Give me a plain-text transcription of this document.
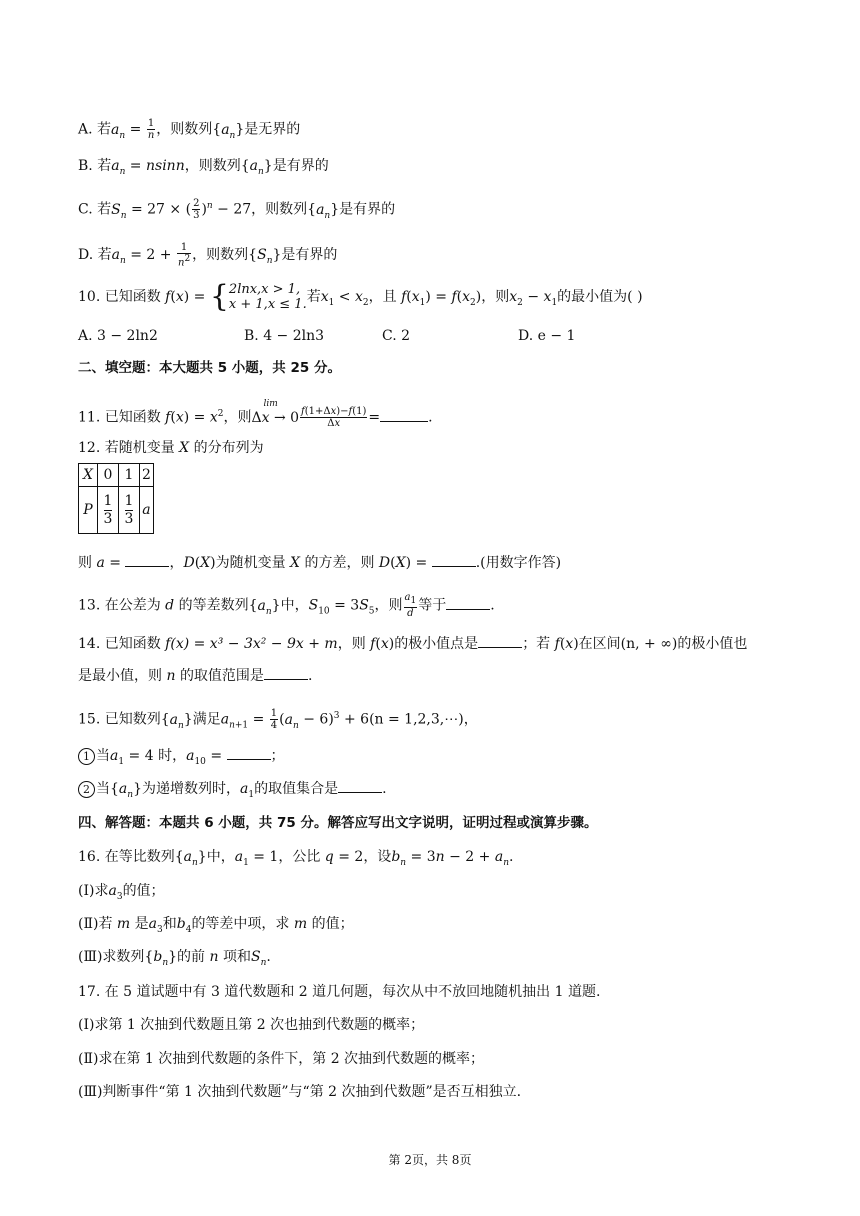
A. 若$a_n = \frac{1}{n}$ ，则数列$\{a_n\}$是无界的
B. 若$a_n = nsinn$，则数列$\{a_n\}$是有界的
C. 若$S_n = 27$ × ( $\frac{2}{3} )^n - 27$，则数列$\{a_n\}$是有界的
D. 若$a_n = 2 + \frac{1}{n^2}$ ，则数列$\{S_n\}$是有界的
10. 已知函数 f(x) = { 2lnx,x > 1,
x + 1,x ≤ 1. 若$x_1 < x_2$，且 $f(x_1) = f(x_2)$，则$x_2 - x_1$的最小值为( )
A. 3 − 2ln2	B. 4 − 2ln3	C. 2	D. e − 1
二、填空题：本大题共 5 小题，共 25 分。
11. 已知函数 $f(x) = x^2$，则
lim
$\Delta x \to 0 \frac{f(1+\Delta x)-f(1)}{\Delta x}$ =	.
12. 若随机变量 X 的分布列为
X	0	1	2
P	$\frac{1}{3}$	$\frac{1}{3}$	a
则 a =	，D(X)为随机变量 X 的方差，则 D(X) =	.(用数字作答)
13. 在公差为 d 的等差数列$\{a_n\}$中，$S_{10} = 3S_5$，则 $\frac{a_1}{d}$ 等于	.
14. 已知函数 f(x) = x³ − 3x² − 9x + m，则 f(x)的极小值点是	；若 f(x)在区间(n, + ∞)的极小值也
是最小值，则 n 的取值范围是	.
15. 已知数列$\{a_n\}$满足$a_{n+1} = \frac{1}{4} (a_n - 6)^3 + 6(n$ = 1,2,3,⋯)，
1 当$a_1 = 4$ 时，$a_{10}$ =	；
2 当$\{a_n\}$为递增数列时，$a_1$的取值集合是	.
四、解答题：本题共 6 小题，共 75 分。解答应写出文字说明，证明过程或演算步骤。
16. 在等比数列$\{a_n\}$中，$a_1 = 1$，公比 q = 2，设$b_n = 3n - 2 + a_n$.
(Ⅰ)求$a_3$的值；
(Ⅱ)若 m 是$a_3$和$b_4$的等差中项，求 m 的值；
(Ⅲ)求数列$\{b_n\}$的前 n 项和$S_n$.
17. 在 5 道试题中有 3 道代数题和 2 道几何题，每次从中不放回地随机抽出 1 道题.
(Ⅰ)求第 1 次抽到代数题且第 2 次也抽到代数题的概率；
(Ⅱ)求在第 1 次抽到代数题的条件下，第 2 次抽到代数题的概率；
(Ⅲ)判断事件“第 1 次抽到代数题”与“第 2 次抽到代数题”是否互相独立.
第 2页，共 8页
